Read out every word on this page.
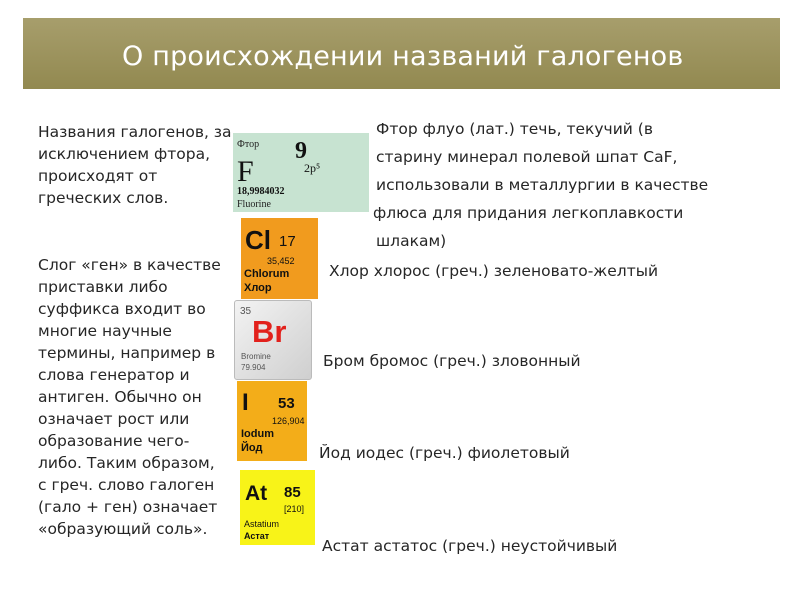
О происхождении названий галогенов
Названия галогенов, за
исключением фтора,
происходят от
греческих слов.
Слог «ген» в качестве
приставки либо
суффикса входит во
многие научные
термины, например в
слова генератор и
антиген. Обычно он
означает рост или
образование чего-
либо. Таким образом,
с греч. слово галоген
(гало + ген) означает
«образующий соль».
Фтор
F
9
2p⁵
18,9984032
Fluorine
Cl 17
35,452
Chlorum
Хлор
35
Br
Bromine
79.904
I 53
126,904
Iodum
Йод
At 85
[210]
Astatium
Астат
Фтор флуо (лат.) течь, текучий (в
старину минерал полевой шпат CaF,
использовали в металлургии в качестве
флюса для придания легкоплавкости
шлакам)
Хлор хлорос (греч.) зеленовато-желтый
Бром бромос (греч.) зловонный
Йод иодес (греч.) фиолетовый
Астат астатос (греч.) неустойчивый
